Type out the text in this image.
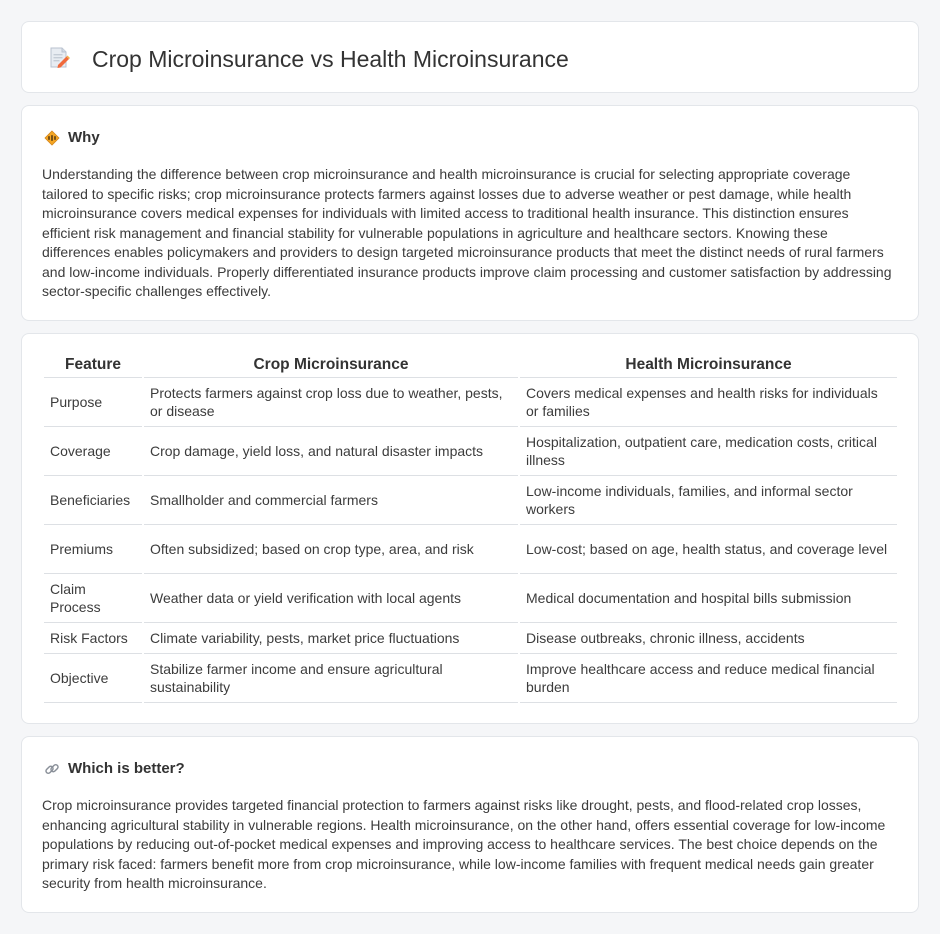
Crop Microinsurance vs Health Microinsurance
Why

Understanding the difference between crop microinsurance and health microinsurance is crucial for selecting appropriate coverage tailored to specific risks; crop microinsurance protects farmers against losses due to adverse weather or pest damage, while health microinsurance covers medical expenses for individuals with limited access to traditional health insurance. This distinction ensures efficient risk management and financial stability for vulnerable populations in agriculture and healthcare sectors. Knowing these differences enables policymakers and providers to design targeted microinsurance products that meet the distinct needs of rural farmers and low-income individuals. Properly differentiated insurance products improve claim processing and customer satisfaction by addressing sector-specific challenges effectively.

Feature	Crop Microinsurance	Health Microinsurance
Purpose	Protects farmers against crop loss due to weather, pests, or disease	Covers medical expenses and health risks for individuals or families
Coverage	Crop damage, yield loss, and natural disaster impacts	Hospitalization, outpatient care, medication costs, critical illness
Beneficiaries	Smallholder and commercial farmers	Low-income individuals, families, and informal sector workers
Premiums	Often subsidized; based on crop type, area, and risk	Low-cost; based on age, health status, and coverage level
Claim Process	Weather data or yield verification with local agents	Medical documentation and hospital bills submission
Risk Factors	Climate variability, pests, market price fluctuations	Disease outbreaks, chronic illness, accidents
Objective	Stabilize farmer income and ensure agricultural sustainability	Improve healthcare access and reduce medical financial burden
Which is better?

Crop microinsurance provides targeted financial protection to farmers against risks like drought, pests, and flood-related crop losses, enhancing agricultural stability in vulnerable regions. Health microinsurance, on the other hand, offers essential coverage for low-income populations by reducing out-of-pocket medical expenses and improving access to healthcare services. The best choice depends on the primary risk faced: farmers benefit more from crop microinsurance, while low-income families with frequent medical needs gain greater security from health microinsurance.
